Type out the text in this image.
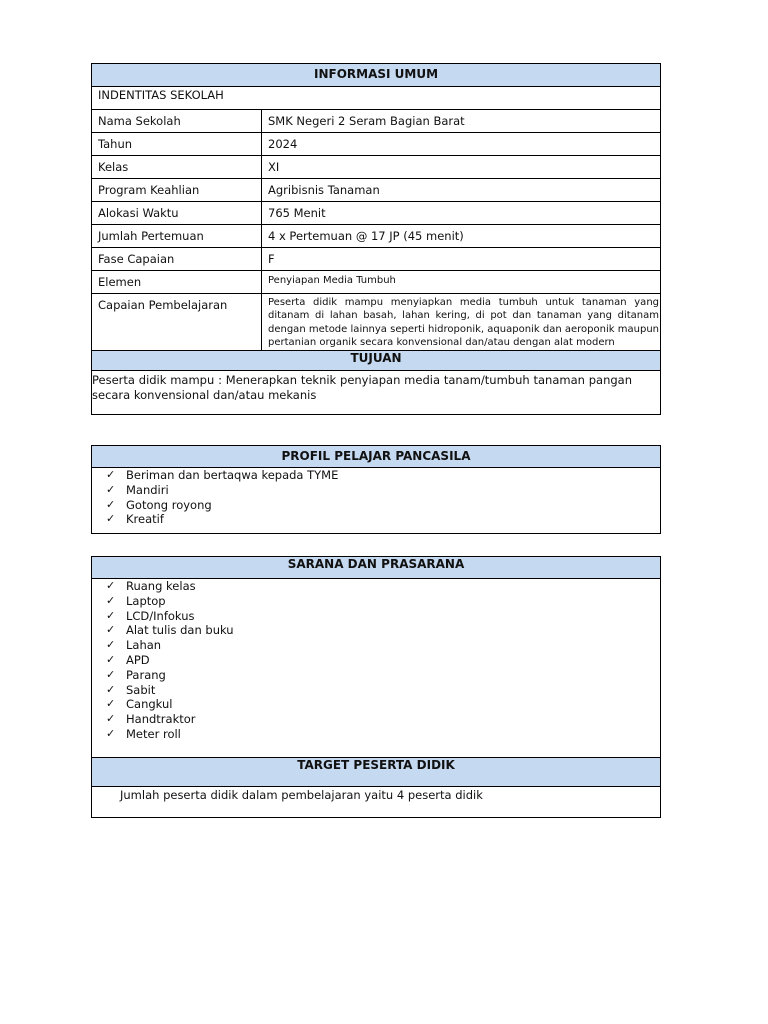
INFORMASI UMUM
INDENTITAS SEKOLAH
Nama Sekolah	SMK Negeri 2 Seram Bagian Barat
Tahun	2024
Kelas	XI
Program Keahlian	Agribisnis Tanaman
Alokasi Waktu	765 Menit
Jumlah Pertemuan	4 x Pertemuan @ 17 JP (45 menit)
Fase Capaian	F
Elemen	Penyiapan Media Tumbuh
Capaian Pembelajaran	Peserta didik mampu menyiapkan media tumbuh untuk tanaman yang ditanam di lahan basah, lahan kering, di pot dan tanaman yang ditanam dengan metode lainnya seperti hidroponik, aquaponik dan aeroponik maupun pertanian organik secara konvensional dan/atau dengan alat modern
TUJUAN
Peserta didik mampu : Menerapkan teknik penyiapan media tanam/tumbuh tanaman pangan secara konvensional dan/atau mekanis
PROFIL PELAJAR PANCASILA
✓ Beriman dan bertaqwa kepada TYME
✓ Mandiri
✓ Gotong royong
✓ Kreatif
SARANA DAN PRASARANA
✓ Ruang kelas
✓ Laptop
✓ LCD/Infokus
✓ Alat tulis dan buku
✓ Lahan
✓ APD
✓ Parang
✓ Sabit
✓ Cangkul
✓ Handtraktor
✓ Meter roll
TARGET PESERTA DIDIK
Jumlah peserta didik dalam pembelajaran yaitu 4 peserta didik
